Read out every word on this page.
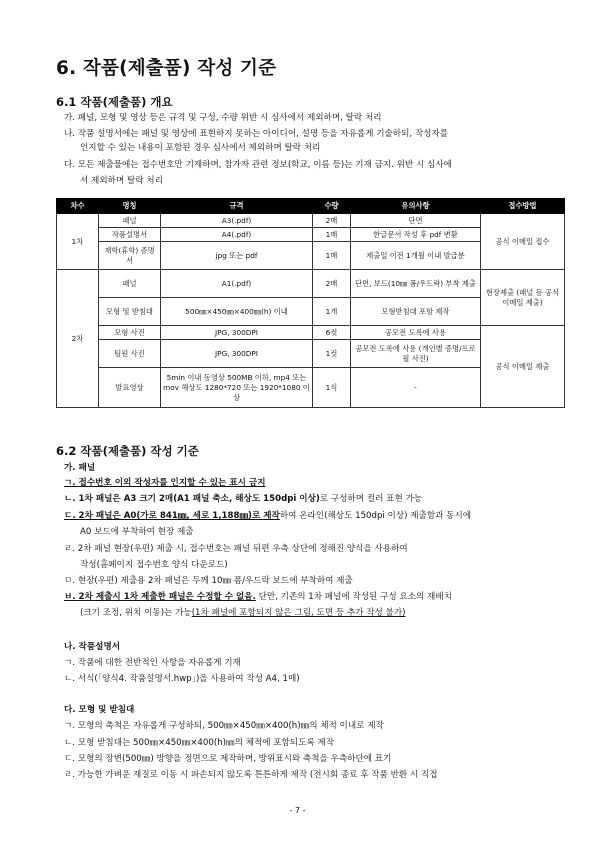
6. 작품(제출품) 작성 기준
6.1 작품(제출품) 개요
가. 패널, 모형 및 영상 등은 규격 및 구성, 수량 위반 시 심사에서 제외하며, 탈락 처리
나. 작품 설명서에는 패널 및 영상에 표현하지 못하는 아이디어, 설명 등을 자유롭게 기술하되, 작성자를
인지할 수 있는 내용이 포함된 경우 심사에서 제외하며 탈락 처리
다. 모든 제출물에는 접수번호만 기재하며, 참가자 관련 정보(학교, 이름 등)는 기재 금지. 위반 시 심사에
서 제외하며 탈락 처리
차수	명칭	규격	수량	유의사항	접수방법
1차	패널	A3(.pdf)	2매	단면	공식 이메일 접수
	작품설명서	A4(.pdf)	1매	한글문서 작성 후 pdf 변환	
	재학(휴학) 증명서	jpg 또는 pdf	1매	제출일 이전 1개월 이내 발급분	
2차	패널	A1(.pdf)	2매	단면, 보드(10㎜ 폼/우드락) 부착 제출	현장제출 (패널 등 공식 이메일 제출)
	모형 및 받침대	500㎜×450㎜×400㎜(h) 이내	1개	모형받침대 포함 제작	
	모형 사진	JPG, 300DPI	6컷	공모전 도록에 사용	공식 이메일 제출
	팀원 사진	JPG, 300DPI	1컷	공모전 도록에 사용 (개인별 증명/프로필 사진)	
	발표영상	5min 이내 동영상 500MB 이하, mp4 또는 mov 해상도 1280*720 또는 1920*1080 이상	1식	-	
6.2 작품(제출품) 작성 기준
가. 패널
ㄱ. 접수번호 이외 작성자를 인지할 수 있는 표시 금지
ㄴ. 1차 패널은 A3 크기 2매(A1 패널 축소, 해상도 150dpi 이상)로 구성하며 컬러 표현 가능
ㄷ. 2차 패널은 A0(가로 841㎜, 세로 1,188㎜)로 제작하여 온라인(해상도 150dpi 이상) 제출함과 동시에
A0 보드에 부착하여 현장 제출
ㄹ. 2차 패널 현장(우편) 제출 시, 접수번호는 패널 뒤편 우측 상단에 정해진 양식을 사용하여
작성(홈페이지 접수번호 양식 다운로드)
ㅁ. 현장(우편) 제출용 2차 패널은 두께 10㎜ 폼/우드락 보드에 부착하여 제출
ㅂ. 2차 제출시 1차 제출한 패널은 수정할 수 없음. 단만, 기존의 1차 패널에 작성된 구성 요소의 재배치
(크기 조정, 위치 이동)는 가능(1차 패널에 포함되지 않은 그림, 도면 등 추가 작성 불가)
나. 작품설명서
ㄱ. 작품에 대한 전반적인 사항을 자유롭게 기재
ㄴ. 서식(「양식4. 작품설명서.hwp」)을 사용하여 작성 A4, 1매)
다. 모형 및 받침대
ㄱ. 모형의 축척은 자유롭게 구성하되, 500㎜×450㎜×400(h)㎜의 체적 이내로 제작
ㄴ. 모형 받침대는 500㎜×450㎜×400(h)㎜의 체적에 포함되도록 제작
ㄷ. 모형의 장변(500㎜) 방향을 정면으로 제작하며, 방위표시와 축척을 우측하단에 표기
ㄹ. 가능한 가벼운 재질로 이동 시 파손되지 않도록 튼튼하게 제작 (전시회 종료 후 작품 반환 시 직접
- 7 -
